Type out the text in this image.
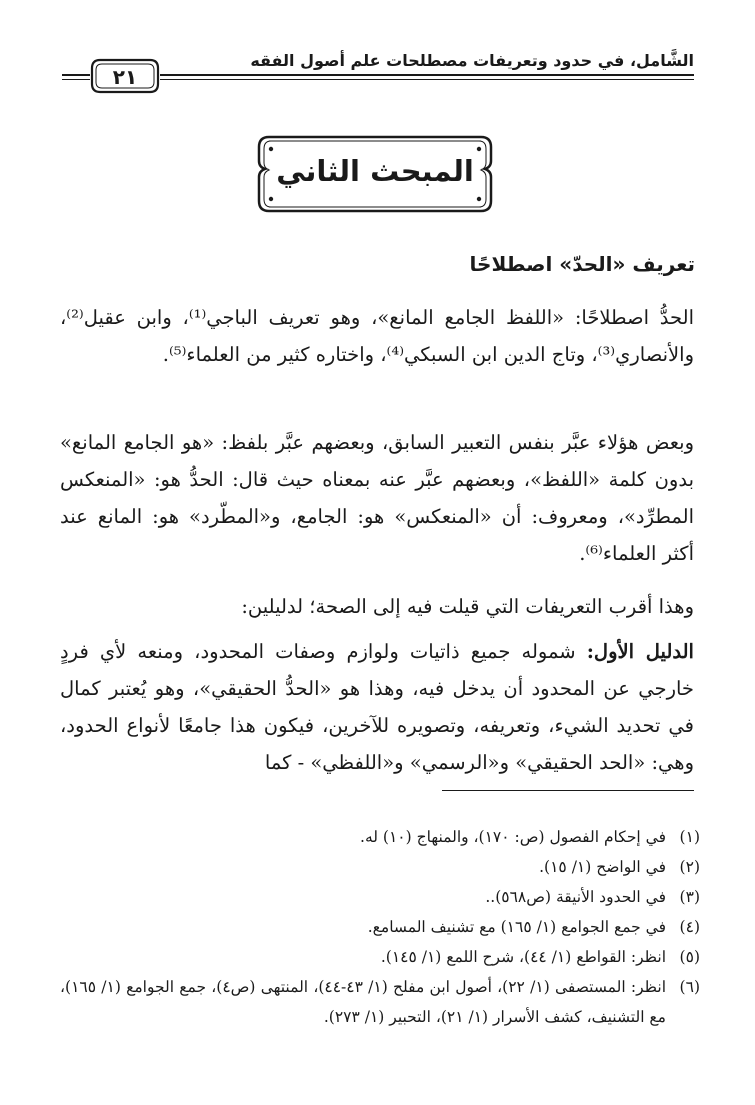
الشَّامل، في حدود وتعريفات مصطلحات علم أصول الفقه
٢١
المبحث الثاني
تعريف «الحدّ» اصطلاحًا
الحدُّ اصطلاحًا: «اللفظ الجامع المانع»، وهو تعريف الباجي⁽¹⁾، وابن عقيل⁽²⁾، والأنصاري⁽³⁾، وتاج الدين ابن السبكي⁽⁴⁾، واختاره كثير من العلماء⁽⁵⁾.
وبعض هؤلاء عبَّر بنفس التعبير السابق، وبعضهم عبَّر بلفظ: «هو الجامع المانع» بدون كلمة «اللفظ»، وبعضهم عبَّر عنه بمعناه حيث قال: الحدُّ هو: «المنعكس المطرِّد»، ومعروف: أن «المنعكس» هو: الجامع، و«المطّرد» هو: المانع عند أكثر العلماء⁽⁶⁾.
وهذا أقرب التعريفات التي قيلت فيه إلى الصحة؛ لدليلين:
الدليل الأول: شموله جميع ذاتيات ولوازم وصفات المحدود، ومنعه لأي فردٍ خارجي عن المحدود أن يدخل فيه، وهذا هو «الحدُّ الحقيقي»، وهو يُعتبر كمال في تحديد الشيء، وتعريفه، وتصويره للآخرين، فيكون هذا جامعًا لأنواع الحدود، وهي: «الحد الحقيقي» و«الرسمي» و«اللفظي» - كما
(١)
في إحكام الفصول (ص: ١٧٠)، والمنهاج (١٠) له.
(٢)
في الواضح (١/ ١٥).
(٣)
في الحدود الأنيقة (ص٥٦٨)..
(٤)
في جمع الجوامع (١/ ١٦٥) مع تشنيف المسامع.
(٥)
انظر: القواطع (١/ ٤٤)، شرح اللمع (١/ ١٤٥).
(٦)
انظر: المستصفى (١/ ٢٢)، أصول ابن مفلح (١/ ٤٣-٤٤)، المنتهى (ص٤)، جمع الجوامع (١/ ١٦٥)، مع التشنيف، كشف الأسرار (١/ ٢١)، التحبير (١/ ٢٧٣).
